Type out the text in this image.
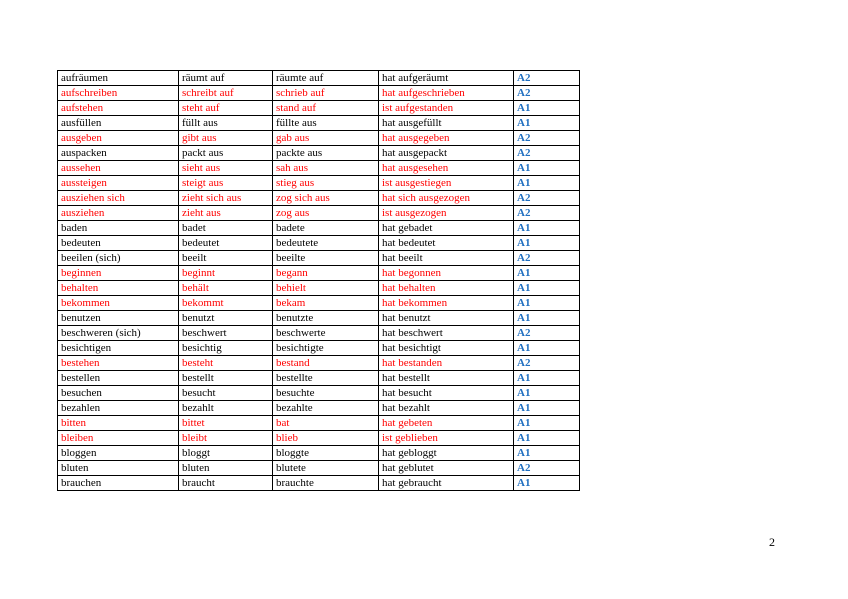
aufräumen	räumt auf	räumte auf	hat aufgeräumt	A2
aufschreiben	schreibt auf	schrieb auf	hat aufgeschrieben	A2
aufstehen	steht auf	stand auf	ist aufgestanden	A1
ausfüllen	füllt aus	füllte aus	hat ausgefüllt	A1
ausgeben	gibt aus	gab aus	hat ausgegeben	A2
auspacken	packt aus	packte aus	hat ausgepackt	A2
aussehen	sieht aus	sah aus	hat ausgesehen	A1
aussteigen	steigt aus	stieg aus	ist ausgestiegen	A1
ausziehen sich	zieht sich aus	zog sich aus	hat sich ausgezogen	A2
ausziehen	zieht aus	zog aus	ist ausgezogen	A2
baden	badet	badete	hat gebadet	A1
bedeuten	bedeutet	bedeutete	hat bedeutet	A1
beeilen (sich)	beeilt	beeilte	hat beeilt	A2
beginnen	beginnt	begann	hat begonnen	A1
behalten	behält	behielt	hat behalten	A1
bekommen	bekommt	bekam	hat bekommen	A1
benutzen	benutzt	benutzte	hat benutzt	A1
beschweren (sich)	beschwert	beschwerte	hat beschwert	A2
besichtigen	besichtig	besichtigte	hat besichtigt	A1
bestehen	besteht	bestand	hat bestanden	A2
bestellen	bestellt	bestellte	hat bestellt	A1
besuchen	besucht	besuchte	hat besucht	A1
bezahlen	bezahlt	bezahlte	hat bezahlt	A1
bitten	bittet	bat	hat gebeten	A1
bleiben	bleibt	blieb	ist geblieben	A1
bloggen	bloggt	bloggte	hat gebloggt	A1
bluten	bluten	blutete	hat geblutet	A2
brauchen	braucht	brauchte	hat gebraucht	A1
2
